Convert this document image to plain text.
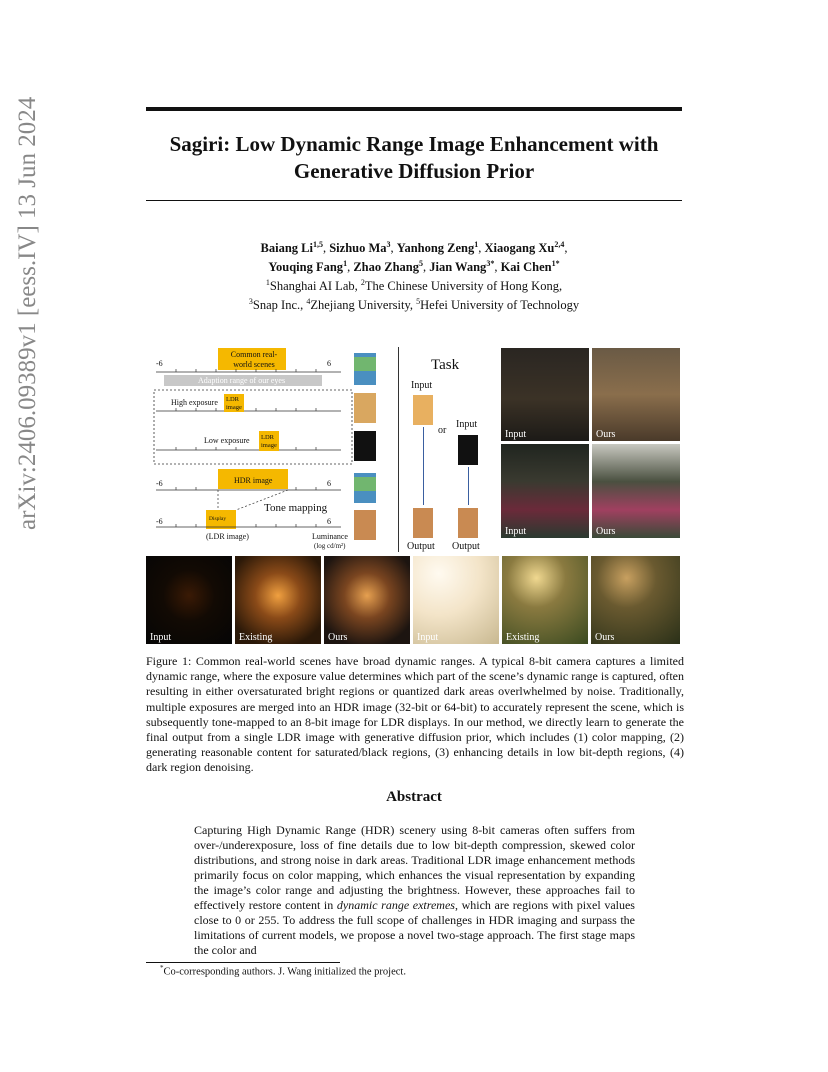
arXiv:2406.09389v1 [eess.IV] 13 Jun 2024	Sagiri: Low Dynamic Range Image Enhancement with
Generative Diffusion Prior
Baiang Li$^{1,5}$, Sizhuo Ma$^3$, Yanhong Zeng$^1$, Xiaogang Xu$^{2,4}$,
Youqing Fang$^1$, Zhao Zhang$^5$, Jian Wang$^{3*}$, Kai Chen$^{1*}$
$^1$Shanghai AI Lab, $^2$The Chinese University of Hong Kong,
$^3$Snap Inc., $^4$Zhejiang University, $^5$Hefei University of Technology
Common real-world scenes
Adaption range of our eyes
High exposure LDR image
Low exposure LDR image
HDR image
Tone mapping
Display
(LDR image)	Luminance
(log cd/m²)
-6	6
-6	6
-6	6
Task
Input
or
Input
Output Output
Input	Ours
Input	Ours
Input	Existing	Ours	Input	Existing	Ours
Figure 1: Common real-world scenes have broad dynamic ranges. A typical 8-bit camera captures a limited dynamic range, where the exposure value determines which part of the scene’s dynamic range is captured, often resulting in either oversaturated bright regions or quantized dark areas overlwhelmed by noise. Traditionally, multiple exposures are merged into an HDR image (32-bit or 64-bit) to accurately represent the scene, which is subsequently tone-mapped to an 8-bit image for LDR displays. In our method, we directly learn to generate the final output from a single LDR image with generative diffusion prior, which includes (1) color mapping, (2) generating reasonable content for saturated/black regions, (3) enhancing details in low bit-depth regions, (4) dark region denoising.
Abstract
Capturing High Dynamic Range (HDR) scenery using 8-bit cameras often suffers from over-/underexposure, loss of fine details due to low bit-depth compression, skewed color distributions, and strong noise in dark areas. Traditional LDR image enhancement methods primarily focus on color mapping, which enhances the visual representation by expanding the image’s color range and adjusting the brightness. However, these approaches fail to effectively restore content in dynamic range extremes, which are regions with pixel values close to 0 or 255. To address the full scope of challenges in HDR imaging and surpass the limitations of current models, we propose a novel two-stage approach. The first stage maps the color and
*Co-corresponding authors. J. Wang initialized the project.
